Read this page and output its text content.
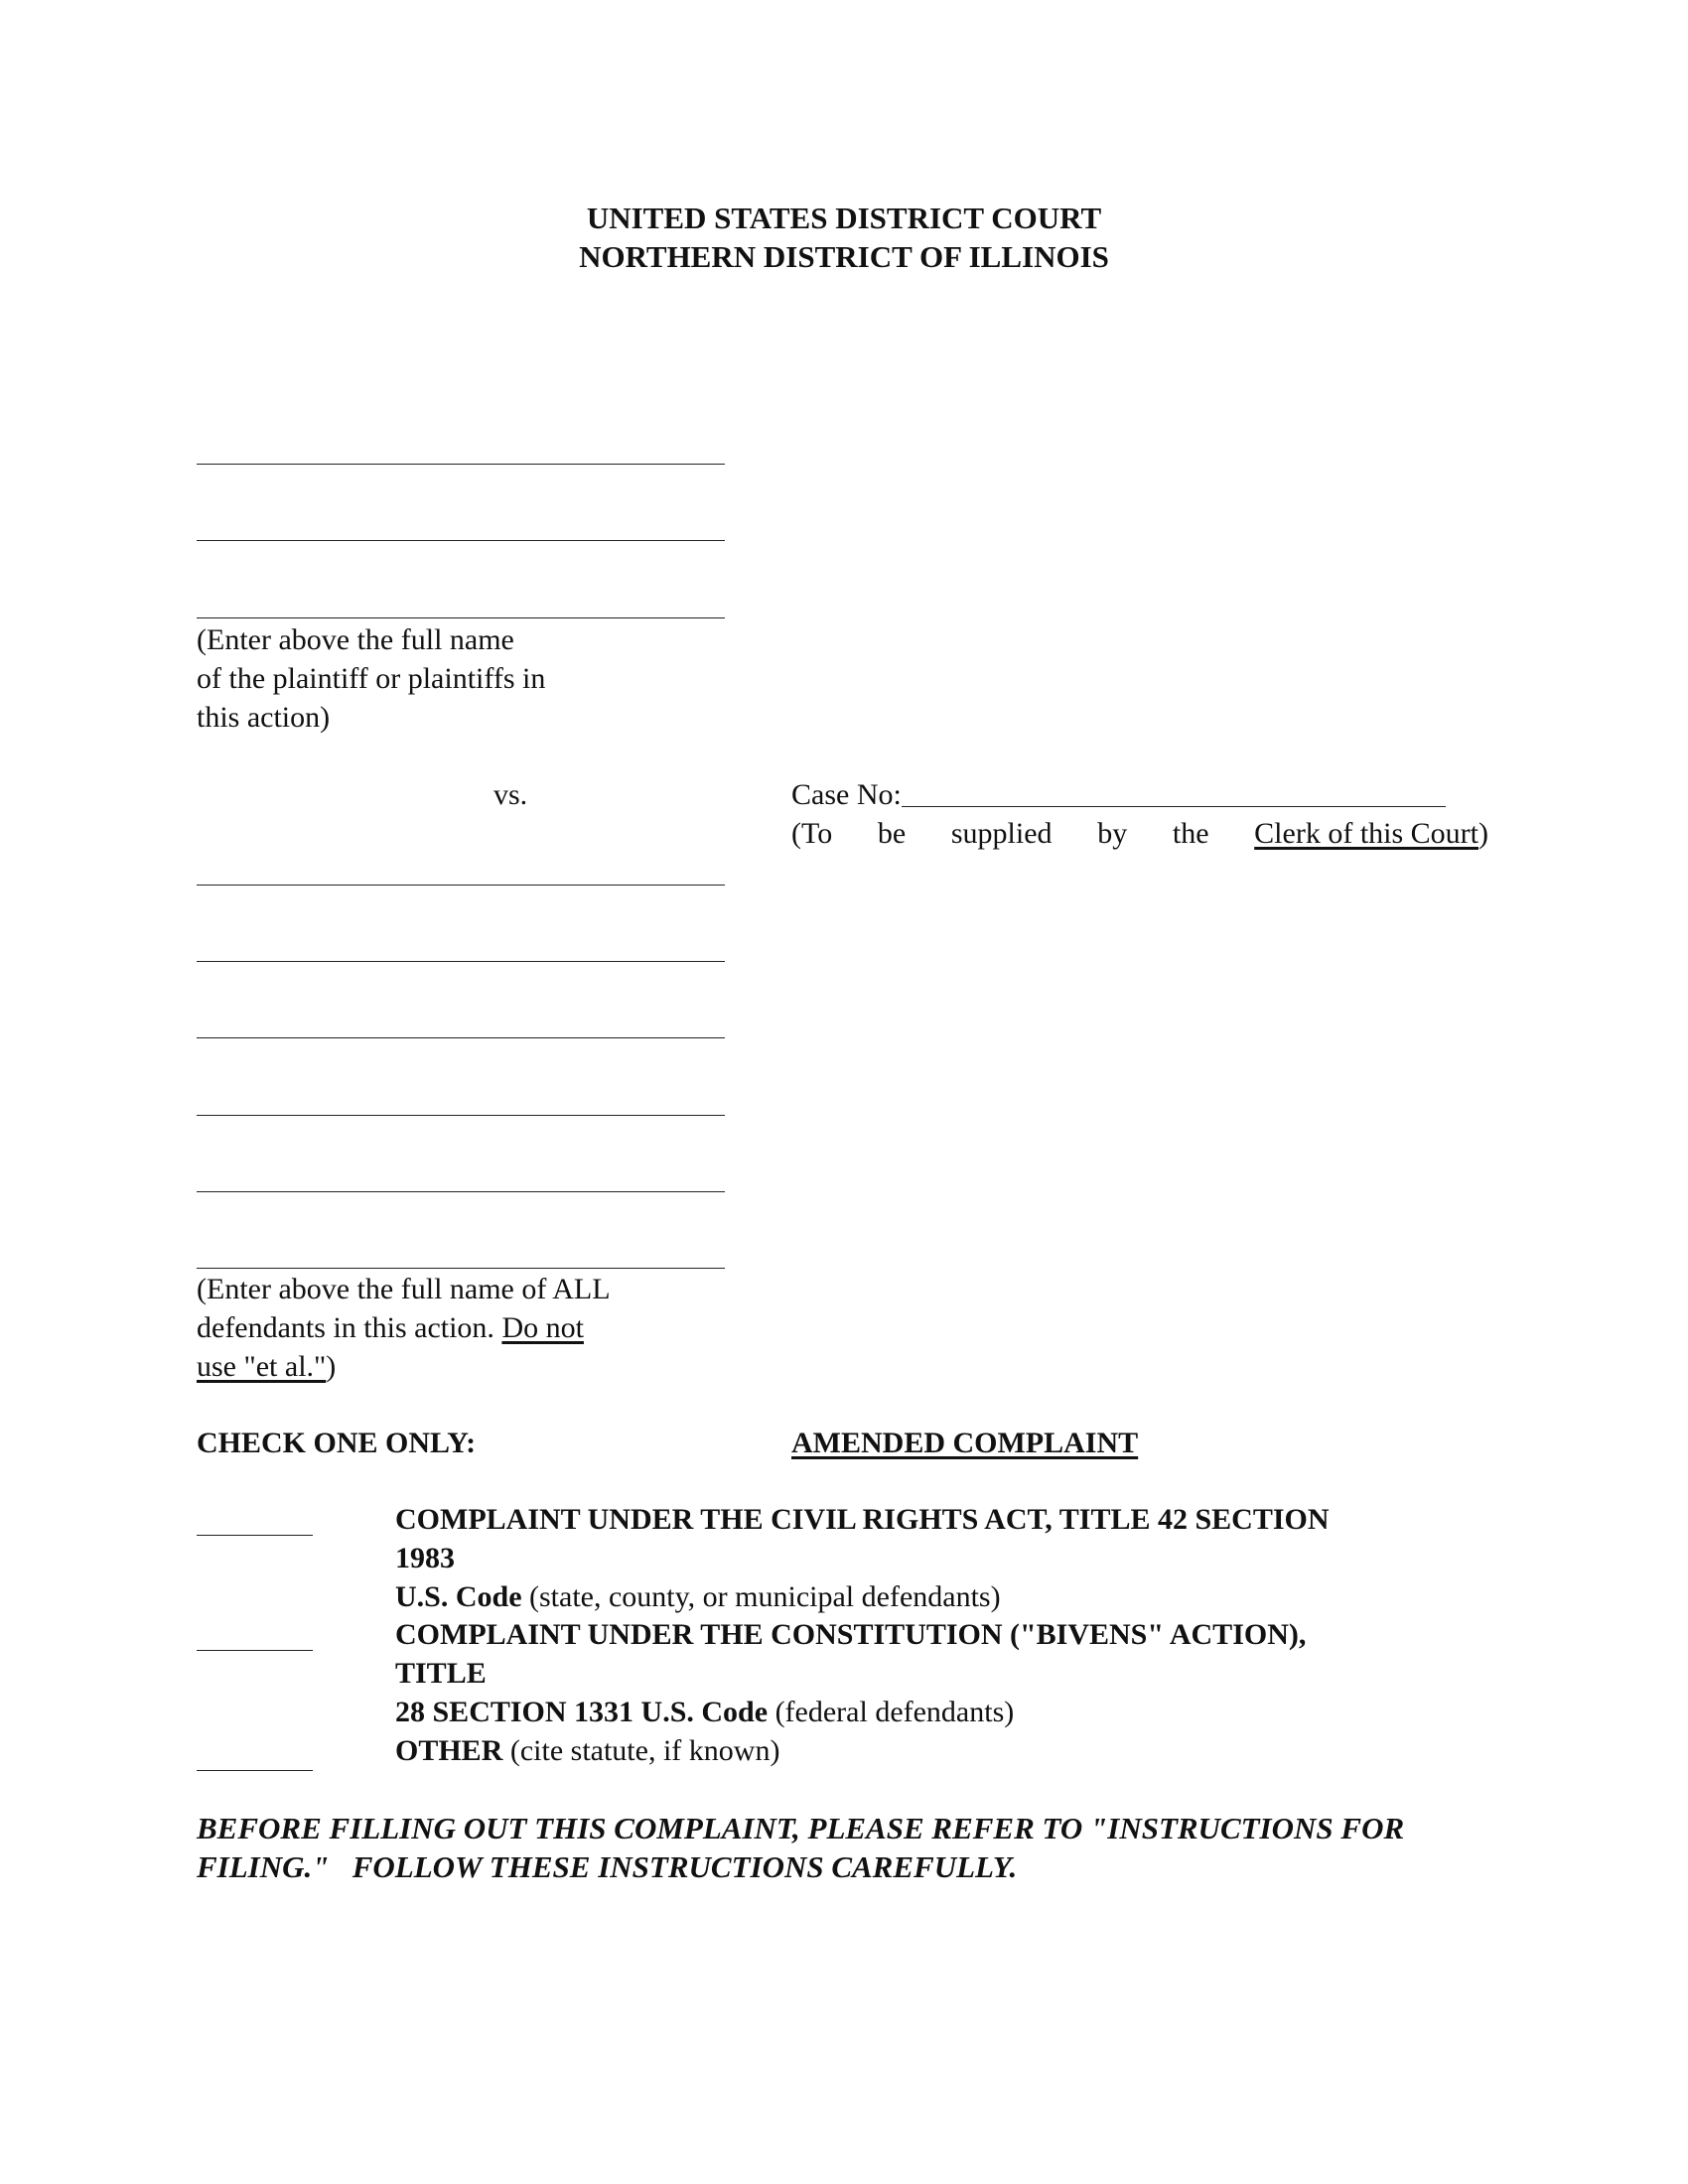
UNITED STATES DISTRICT COURT
NORTHERN DISTRICT OF ILLINOIS
(Enter above the full name
of the plaintiff or plaintiffs in
this action)
vs.	Case No:
(To be supplied by the Clerk of this Court)
(Enter above the full name of ALL
defendants in this action. Do not
use "et al.")
CHECK ONE ONLY:	AMENDED COMPLAINT
COMPLAINT UNDER THE CIVIL RIGHTS ACT, TITLE 42 SECTION 1983
U.S. Code (state, county, or municipal defendants)
COMPLAINT UNDER THE CONSTITUTION ("BIVENS" ACTION), TITLE
28 SECTION 1331 U.S. Code (federal defendants)
OTHER (cite statute, if known)
BEFORE FILLING OUT THIS COMPLAINT, PLEASE REFER TO "INSTRUCTIONS FOR
FILING."   FOLLOW THESE INSTRUCTIONS CAREFULLY.
